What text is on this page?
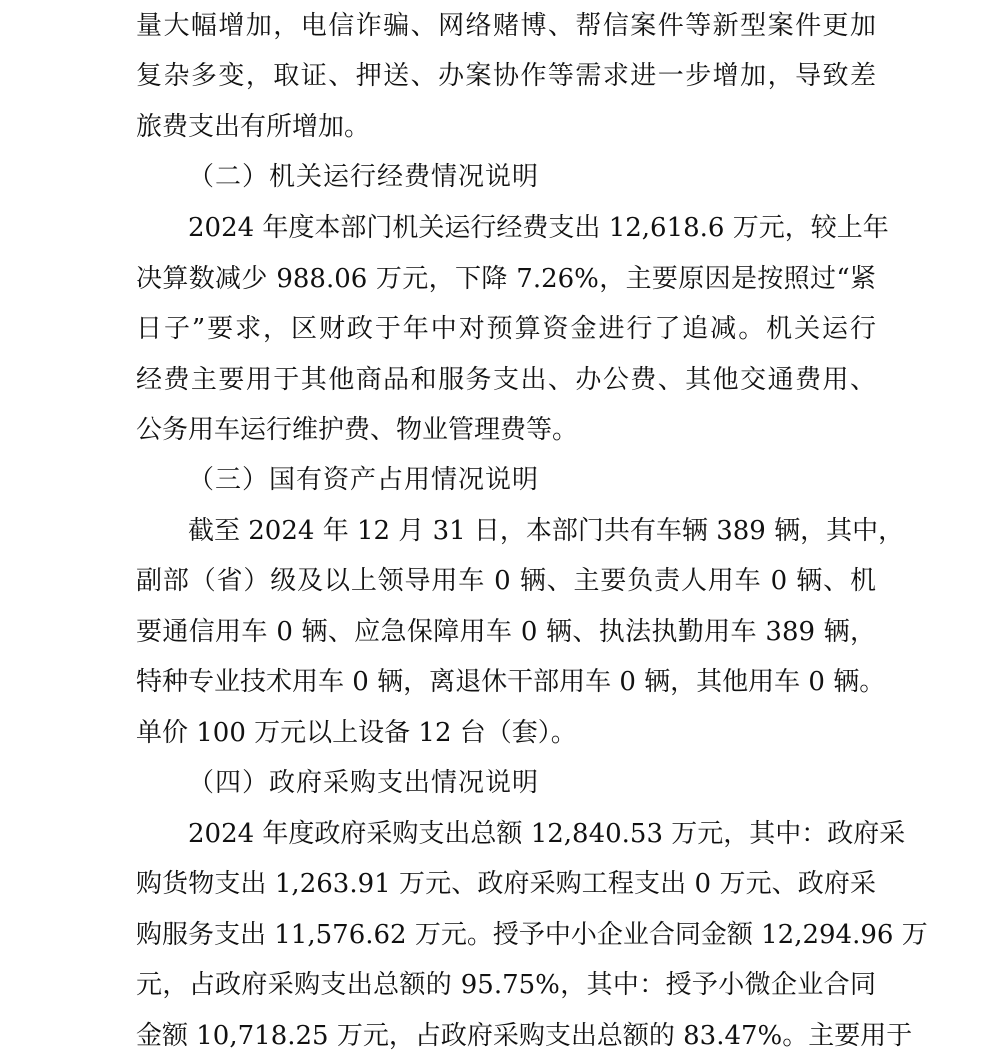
量大幅增加，电信诈骗、网络赌博、帮信案件等新型案件更加
复杂多变，取证、押送、办案协作等需求进一步增加，导致差
旅费支出有所增加。
（二）机关运行经费情况说明
2024 年度本部门机关运行经费支出 12,618.6 万元，较上年
决算数减少 988.06 万元，下降 7.26%，主要原因是按照过“紧
日子”要求，区财政于年中对预算资金进行了追减。机关运行
经费主要用于其他商品和服务支出、办公费、其他交通费用、
公务用车运行维护费、物业管理费等。
（三）国有资产占用情况说明
截至 2024 年 12 月 31 日，本部门共有车辆 389 辆，其中，
副部（省）级及以上领导用车 0 辆、主要负责人用车 0 辆、机
要通信用车 0 辆、应急保障用车 0 辆、执法执勤用车 389 辆，
特种专业技术用车 0 辆，离退休干部用车 0 辆，其他用车 0 辆。
单价 100 万元以上设备 12 台（套）。
（四）政府采购支出情况说明
2024 年度政府采购支出总额 12,840.53 万元，其中：政府采
购货物支出 1,263.91 万元、政府采购工程支出 0 万元、政府采
购服务支出 11,576.62 万元。授予中小企业合同金额 12,294.96 万
元，占政府采购支出总额的 95.75%，其中：授予小微企业合同
金额 10,718.25 万元，占政府采购支出总额的 83.47%。主要用于
